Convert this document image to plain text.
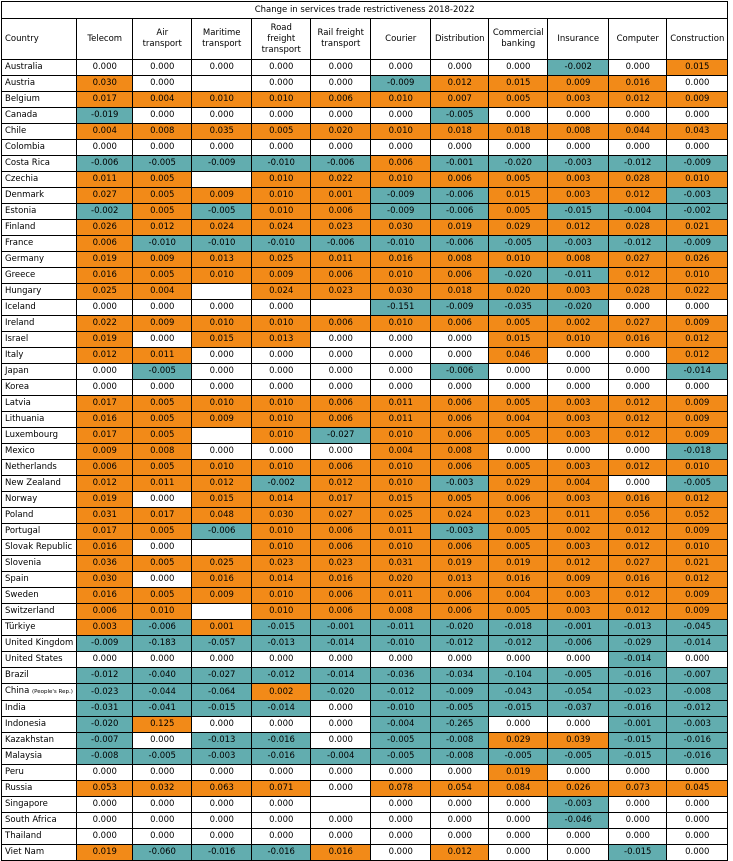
Change in services trade restrictiveness 2018-2022											
Country	Telecom	Air transport	Maritime transport	Road freight transport	Rail freight transport	Courier	Distribution	Commercial banking	Insurance	Computer	Construction
Australia	0.000	0.000	0.000	0.000	0.000	0.000	0.000	0.000	-0.002	0.000	0.015
Austria	0.030	0.000		0.000	0.000	-0.009	0.012	0.015	0.009	0.016	0.000
Belgium	0.017	0.004	0.010	0.010	0.006	0.010	0.007	0.005	0.003	0.012	0.009
Canada	-0.019	0.000	0.000	0.000	0.000	0.000	-0.005	0.000	0.000	0.000	0.000
Chile	0.004	0.008	0.035	0.005	0.020	0.010	0.018	0.018	0.008	0.044	0.043
Colombia	0.000	0.000	0.000	0.000	0.000	0.000	0.000	0.000	0.000	0.000	0.000
Costa Rica	-0.006	-0.005	-0.009	-0.010	-0.006	0.006	-0.001	-0.020	-0.003	-0.012	-0.009
Czechia	0.011	0.005		0.010	0.022	0.010	0.006	0.005	0.003	0.028	0.010
Denmark	0.027	0.005	0.009	0.010	0.001	-0.009	-0.006	0.015	0.003	0.012	-0.003
Estonia	-0.002	0.005	-0.005	0.010	0.006	-0.009	-0.006	0.005	-0.015	-0.004	-0.002
Finland	0.026	0.012	0.024	0.024	0.023	0.030	0.019	0.029	0.012	0.028	0.021
France	0.006	-0.010	-0.010	-0.010	-0.006	-0.010	-0.006	-0.005	-0.003	-0.012	-0.009
Germany	0.019	0.009	0.013	0.025	0.011	0.016	0.008	0.010	0.008	0.027	0.026
Greece	0.016	0.005	0.010	0.009	0.006	0.010	0.006	-0.020	-0.011	0.012	0.010
Hungary	0.025	0.004		0.024	0.023	0.030	0.018	0.020	0.003	0.028	0.022
Iceland	0.000	0.000	0.000	0.000		-0.151	-0.009	-0.035	-0.020	0.000	0.000
Ireland	0.022	0.009	0.010	0.010	0.006	0.010	0.006	0.005	0.002	0.027	0.009
Israel	0.019	0.000	0.015	0.013	0.000	0.000	0.000	0.015	0.010	0.016	0.012
Italy	0.012	0.011	0.000	0.000	0.000	0.000	0.000	0.046	0.000	0.000	0.012
Japan	0.000	-0.005	0.000	0.000	0.000	0.000	-0.006	0.000	0.000	0.000	-0.014
Korea	0.000	0.000	0.000	0.000	0.000	0.000	0.000	0.000	0.000	0.000	0.000
Latvia	0.017	0.005	0.010	0.010	0.006	0.011	0.006	0.005	0.003	0.012	0.009
Lithuania	0.016	0.005	0.009	0.010	0.006	0.011	0.006	0.004	0.003	0.012	0.009
Luxembourg	0.017	0.005		0.010	-0.027	0.010	0.006	0.005	0.003	0.012	0.009
Mexico	0.009	0.008	0.000	0.000	0.000	0.004	0.008	0.000	0.000	0.000	-0.018
Netherlands	0.006	0.005	0.010	0.010	0.006	0.010	0.006	0.005	0.003	0.012	0.010
New Zealand	0.012	0.011	0.012	-0.002	0.012	0.010	-0.003	0.029	0.004	0.000	-0.005
Norway	0.019	0.000	0.015	0.014	0.017	0.015	0.005	0.006	0.003	0.016	0.012
Poland	0.031	0.017	0.048	0.030	0.027	0.025	0.024	0.023	0.011	0.056	0.052
Portugal	0.017	0.005	-0.006	0.010	0.006	0.011	-0.003	0.005	0.002	0.012	0.009
Slovak Republic	0.016	0.000		0.010	0.006	0.010	0.006	0.005	0.003	0.012	0.010
Slovenia	0.036	0.005	0.025	0.023	0.023	0.031	0.019	0.019	0.012	0.027	0.021
Spain	0.030	0.000	0.016	0.014	0.016	0.020	0.013	0.016	0.009	0.016	0.012
Sweden	0.016	0.005	0.009	0.010	0.006	0.011	0.006	0.004	0.003	0.012	0.009
Switzerland	0.006	0.010		0.010	0.006	0.008	0.006	0.005	0.003	0.012	0.009
Türkiye	0.003	-0.006	0.001	-0.015	-0.001	-0.011	-0.020	-0.018	-0.001	-0.013	-0.045
United Kingdom	-0.009	-0.183	-0.057	-0.013	-0.014	-0.010	-0.012	-0.012	-0.006	-0.029	-0.014
United States	0.000	0.000	0.000	0.000	0.000	0.000	0.000	0.000	0.000	-0.014	0.000
Brazil	-0.012	-0.040	-0.027	-0.012	-0.014	-0.036	-0.034	-0.104	-0.005	-0.016	-0.007
China (People's Rep.)	-0.023	-0.044	-0.064	0.002	-0.020	-0.012	-0.009	-0.043	-0.054	-0.023	-0.008
India	-0.031	-0.041	-0.015	-0.014	0.000	-0.010	-0.005	-0.015	-0.037	-0.016	-0.012
Indonesia	-0.020	0.125	0.000	0.000	0.000	-0.004	-0.265	0.000	0.000	-0.001	-0.003
Kazakhstan	-0.007	0.000	-0.013	-0.016	0.000	-0.005	-0.008	0.029	0.039	-0.015	-0.016
Malaysia	-0.008	-0.005	-0.003	-0.016	-0.004	-0.005	-0.008	-0.005	-0.005	-0.015	-0.016
Peru	0.000	0.000	0.000	0.000	0.000	0.000	0.000	0.019	0.000	0.000	0.000
Russia	0.053	0.032	0.063	0.071	0.000	0.078	0.054	0.084	0.026	0.073	0.045
Singapore	0.000	0.000	0.000	0.000		0.000	0.000	0.000	-0.003	0.000	0.000
South Africa	0.000	0.000	0.000	0.000	0.000	0.000	0.000	0.000	-0.046	0.000	0.000
Thailand	0.000	0.000	0.000	0.000	0.000	0.000	0.000	0.000	0.000	0.000	0.000
Viet Nam	0.019	-0.060	-0.016	-0.016	0.016	0.000	0.012	0.000	0.000	-0.015	0.000
